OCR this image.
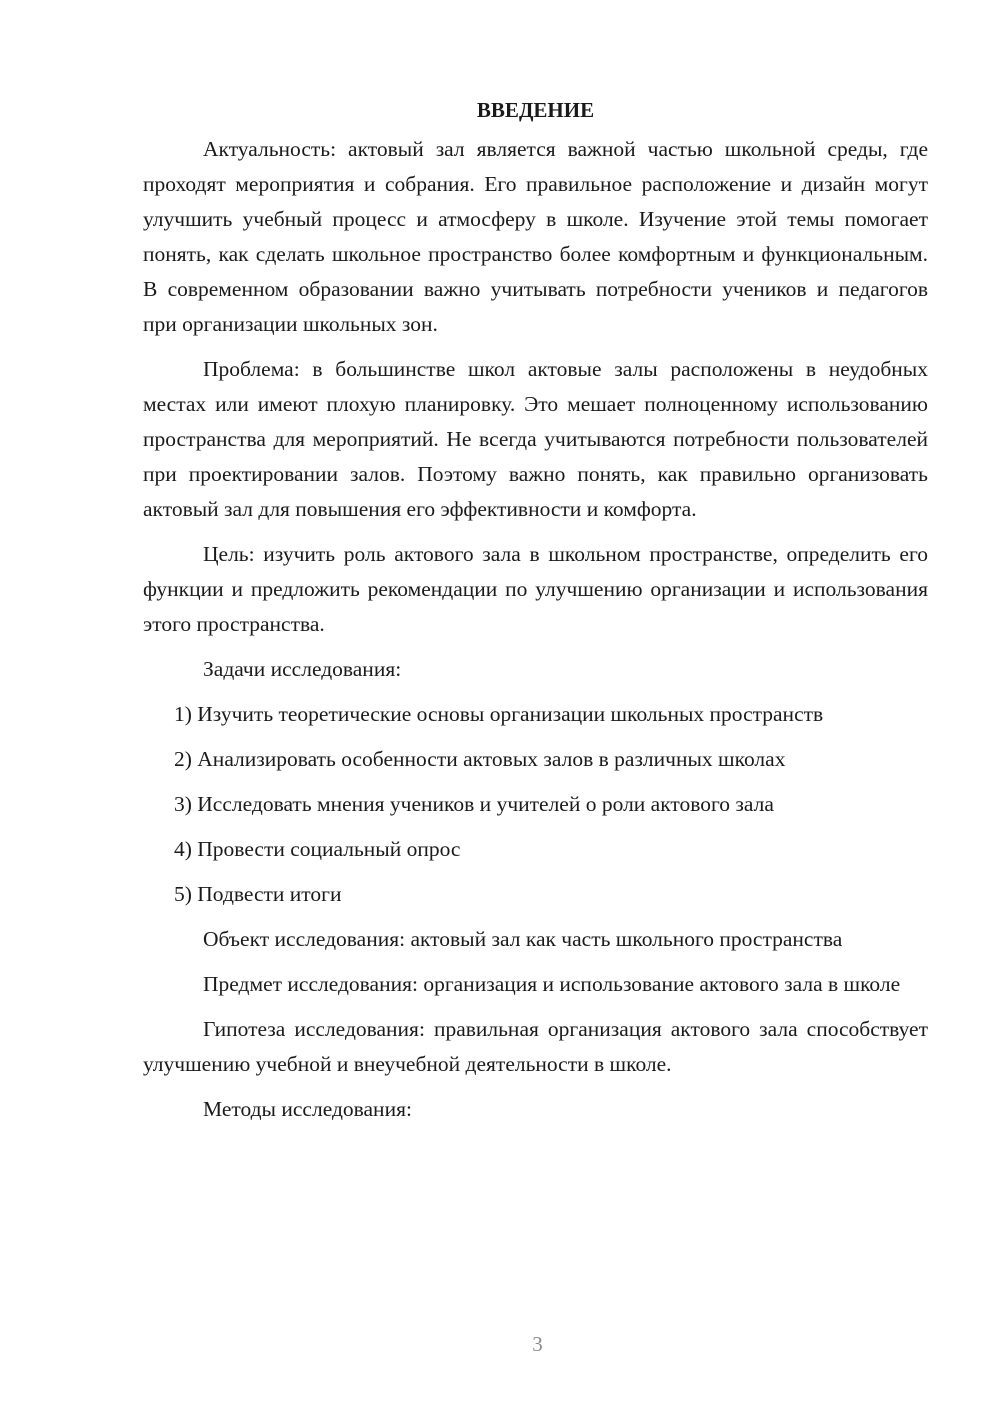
ВВЕДЕНИЕ

Актуальность: актовый зал является важной частью школьной среды, где проходят мероприятия и собрания. Его правильное расположение и дизайн могут улучшить учебный процесс и атмосферу в школе. Изучение этой темы помогает понять, как сделать школьное пространство более комфортным и функциональным. В современном образовании важно учитывать потребности учеников и педагогов при организации школьных зон.

Проблема: в большинстве школ актовые залы расположены в неудобных местах или имеют плохую планировку. Это мешает полноценному использованию пространства для мероприятий. Не всегда учитываются потребности пользователей при проектировании залов. Поэтому важно понять, как правильно организовать актовый зал для повышения его эффективности и комфорта.

Цель: изучить роль актового зала в школьном пространстве, определить его функции и предложить рекомендации по улучшению организации и использования этого пространства.

Задачи исследования:

1) Изучить теоретические основы организации школьных пространств
2) Анализировать особенности актовых залов в различных школах
3) Исследовать мнения учеников и учителей о роли актового зала
4) Провести социальный опрос
5) Подвести итоги

Объект исследования: актовый зал как часть школьного пространства

Предмет исследования: организация и использование актового зала в школе

Гипотеза исследования: правильная организация актового зала способствует улучшению учебной и внеучебной деятельности в школе.

Методы исследования:

3
